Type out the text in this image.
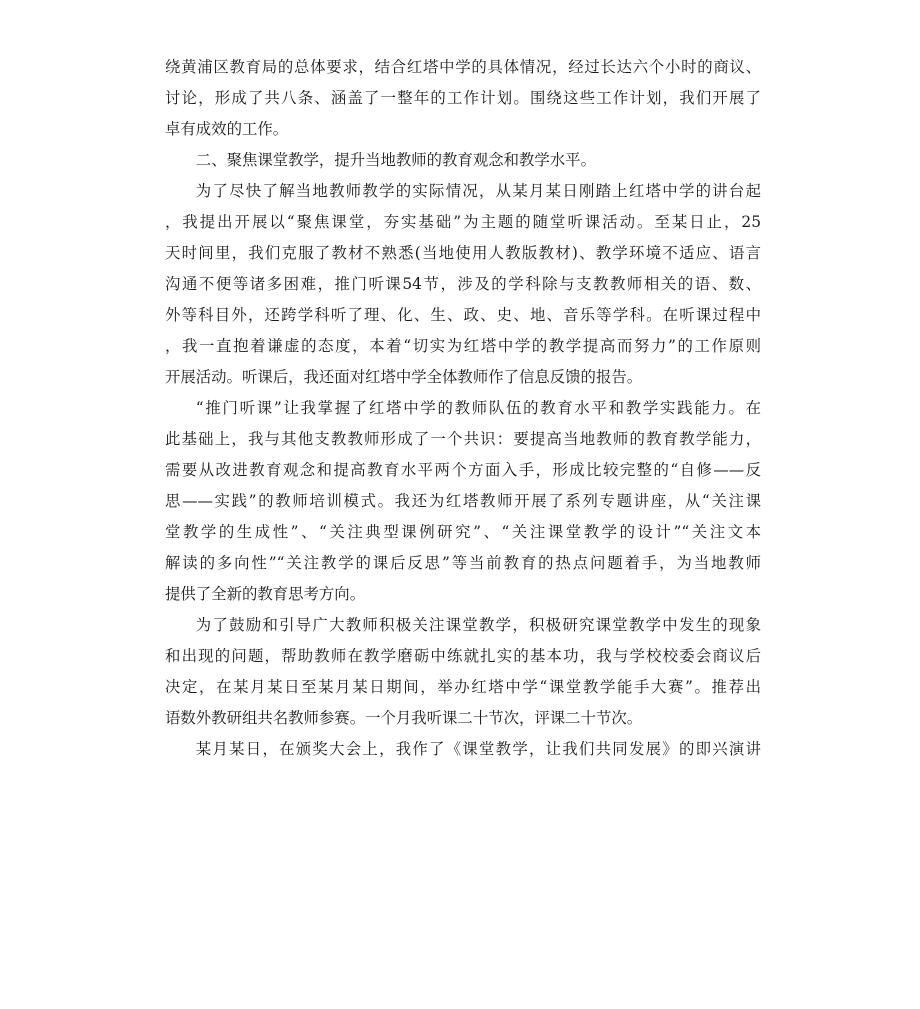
绕黄浦区教育局的总体要求，结合红塔中学的具体情况，经过长达六个小时的商议、
讨论，形成了共八条、涵盖了一整年的工作计划。围绕这些工作计划，我们开展了
卓有成效的工作。
二、聚焦课堂教学，提升当地教师的教育观念和教学水平。
为了尽快了解当地教师教学的实际情况，从某月某日刚踏上红塔中学的讲台起
，我提出开展以“聚焦课堂，夯实基础”为主题的随堂听课活动。至某日止，25
天时间里，我们克服了教材不熟悉(当地使用人教版教材)、教学环境不适应、语言
沟通不便等诸多困难，推门听课54节，涉及的学科除与支教教师相关的语、数、
外等科目外，还跨学科听了理、化、生、政、史、地、音乐等学科。在听课过程中
，我一直抱着谦虚的态度，本着“切实为红塔中学的教学提高而努力”的工作原则
开展活动。听课后，我还面对红塔中学全体教师作了信息反馈的报告。
“推门听课”让我掌握了红塔中学的教师队伍的教育水平和教学实践能力。在
此基础上，我与其他支教教师形成了一个共识：要提高当地教师的教育教学能力，
需要从改进教育观念和提高教育水平两个方面入手，形成比较完整的“自修——反
思——实践”的教师培训模式。我还为红塔教师开展了系列专题讲座，从“关注课
堂教学的生成性”、“关注典型课例研究”、“关注课堂教学的设计”“关注文本
解读的多向性”“关注教学的课后反思”等当前教育的热点问题着手，为当地教师
提供了全新的教育思考方向。
为了鼓励和引导广大教师积极关注课堂教学，积极研究课堂教学中发生的现象
和出现的问题，帮助教师在教学磨砺中练就扎实的基本功，我与学校校委会商议后
决定，在某月某日至某月某日期间，举办红塔中学“课堂教学能手大赛”。推荐出
语数外教研组共名教师参赛。一个月我听课二十节次，评课二十节次。
某月某日，在颁奖大会上，我作了《课堂教学，让我们共同发展》的即兴演讲
